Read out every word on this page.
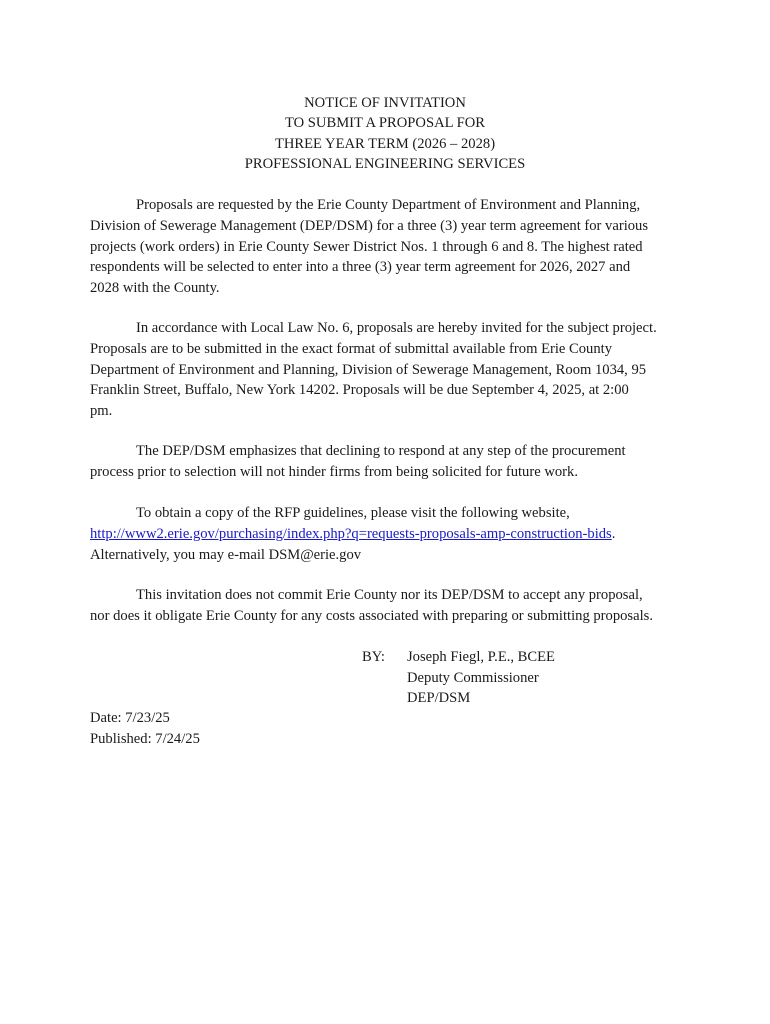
NOTICE OF INVITATION
TO SUBMIT A PROPOSAL FOR
THREE YEAR TERM (2026 – 2028)
PROFESSIONAL ENGINEERING SERVICES
Proposals are requested by the Erie County Department of Environment and Planning,
Division of Sewerage Management (DEP/DSM) for a three (3) year term agreement for various
projects (work orders) in Erie County Sewer District Nos. 1 through 6 and 8. The highest rated
respondents will be selected to enter into a three (3) year term agreement for 2026, 2027 and
2028 with the County.
In accordance with Local Law No. 6, proposals are hereby invited for the subject project.
Proposals are to be submitted in the exact format of submittal available from Erie County
Department of Environment and Planning, Division of Sewerage Management, Room 1034, 95
Franklin Street, Buffalo, New York 14202. Proposals will be due September 4, 2025, at 2:00
pm.
The DEP/DSM emphasizes that declining to respond at any step of the procurement
process prior to selection will not hinder firms from being solicited for future work.
To obtain a copy of the RFP guidelines, please visit the following website,
http://www2.erie.gov/purchasing/index.php?q=requests-proposals-amp-construction-bids.
Alternatively, you may e-mail DSM@erie.gov
This invitation does not commit Erie County nor its DEP/DSM to accept any proposal,
nor does it obligate Erie County for any costs associated with preparing or submitting proposals.
BY: Joseph Fiegl, P.E., BCEE
Deputy Commissioner
DEP/DSM
Date: 7/23/25
Published: 7/24/25
